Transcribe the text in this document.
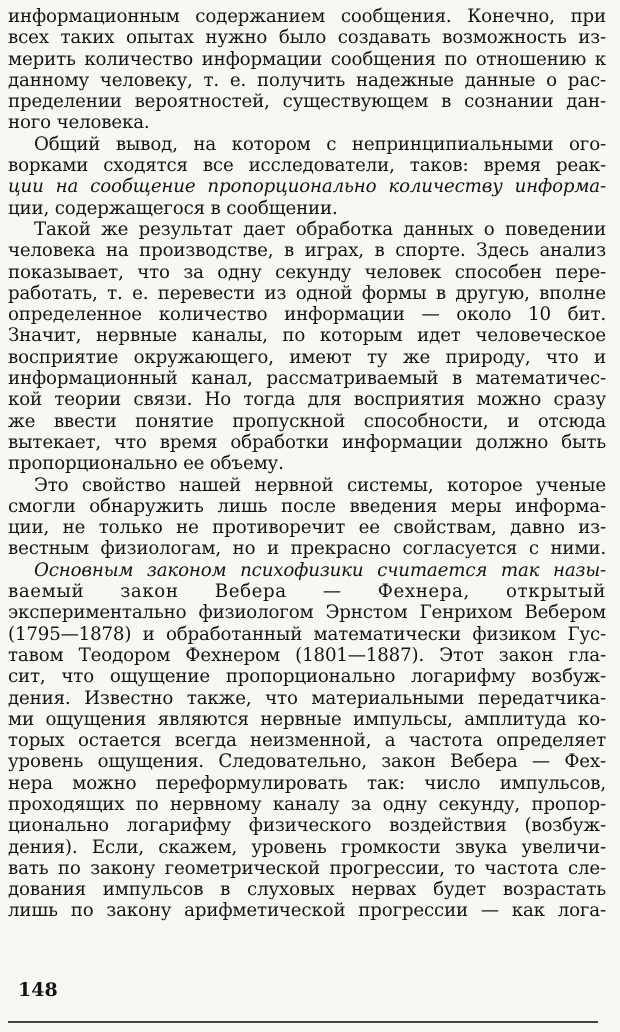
информационным содержанием сообщения. Конечно, при
всех таких опытах нужно было создавать возможность из-
мерить количество информации сообщения по отношению к
данному человеку, т. е. получить надежные данные о рас-
пределении вероятностей, существующем в сознании дан-
ного человека.
Общий вывод, на котором с непринципиальными ого-
ворками сходятся все исследователи, таков: время реак-
ции на сообщение пропорционально количеству информа-
ции, содержащегося в сообщении.
Такой же результат дает обработка данных о поведении
человека на производстве, в играх, в спорте. Здесь анализ
показывает, что за одну секунду человек способен пере-
работать, т. е. перевести из одной формы в другую, вполне
определенное количество информации — около 10 бит.
Значит, нервные каналы, по которым идет человеческое
восприятие окружающего, имеют ту же природу, что и
информационный канал, рассматриваемый в математичес-
кой теории связи. Но тогда для восприятия можно сразу
же ввести понятие пропускной способности, и отсюда
вытекает, что время обработки информации должно быть
пропорционально ее объему.
Это свойство нашей нервной системы, которое ученые
смогли обнаружить лишь после введения меры информа-
ции, не только не противоречит ее свойствам, давно из-
вестным физиологам, но и прекрасно согласуется с ними.
Основным законом психофизики считается так назы-
ваемый закон Вебера — Фехнера, открытый
экспериментально физиологом Эрнстом Генрихом Вебером
(1795—1878) и обработанный математически физиком Гус-
тавом Теодором Фехнером (1801—1887). Этот закон гла-
сит, что ощущение пропорционально логарифму возбуж-
дения. Известно также, что материальными передатчика-
ми ощущения являются нервные импульсы, амплитуда ко-
торых остается всегда неизменной, а частота определяет
уровень ощущения. Следовательно, закон Вебера — Фех-
нера можно переформулировать так: число импульсов,
проходящих по нервному каналу за одну секунду, пропор-
ционально логарифму физического воздействия (возбуж-
дения). Если, скажем, уровень громкости звука увеличи-
вать по закону геометрической прогрессии, то частота сле-
дования импульсов в слуховых нервах будет возрастать
лишь по закону арифметической прогрессии — как лога-
148
